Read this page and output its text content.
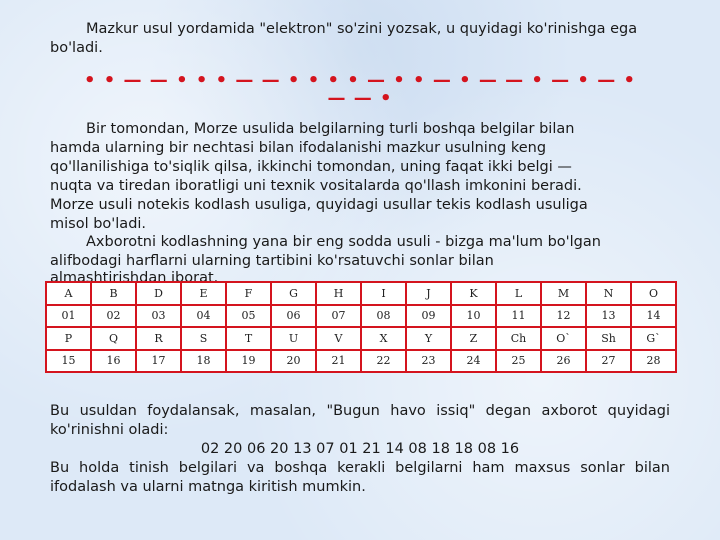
Mazkur usul yordamida "elektron" so'zini yozsak, u quyidagi ko'rinishga ega bo'ladi.

• • — — • • • — — • • • • — • • — • — — • — • — •

— — •

Bir tomondan, Morze usulida belgilarning turli boshqa belgilar bilan
hamda ularning bir nechtasi bilan ifodalanishi mazkur usulning keng
qo'llanilishiga to'siqlik qilsa, ikkinchi tomondan, uning faqat ikki belgi —
nuqta va tiredan iboratligi uni texnik vositalarda qo'llash imkonini beradi.
Morze usuli notekis kodlash usuliga, quyidagi usullar tekis kodlash usuliga
misol bo'ladi.
Axborotni kodlashning yana bir eng sodda usuli - bizga ma'lum bo'lgan
alifbodagi harflarni ularning tartibini ko'rsatuvchi sonlar bilan
almashtirishdan iborat.
A	B	D	E	F	G	H	I	J	K	L	M	N	O
01	02	03	04	05	06	07	08	09	10	11	12	13	14
P	Q	R	S	T	U	V	X	Y	Z	Ch	O`	Sh	G`
15	16	17	18	19	20	21	22	23	24	25	26	27	28

Bu usuldan foydalansak, masalan, "Bugun havo issiq" degan axborot quyidagi ko'rinishni oladi:

02 20 06 20 13 07 01 21 14 08 18 18 08 16

Bu holda tinish belgilari va boshqa kerakli belgilarni ham maxsus sonlar bilan ifodalash va ularni matnga kiritish mumkin.
